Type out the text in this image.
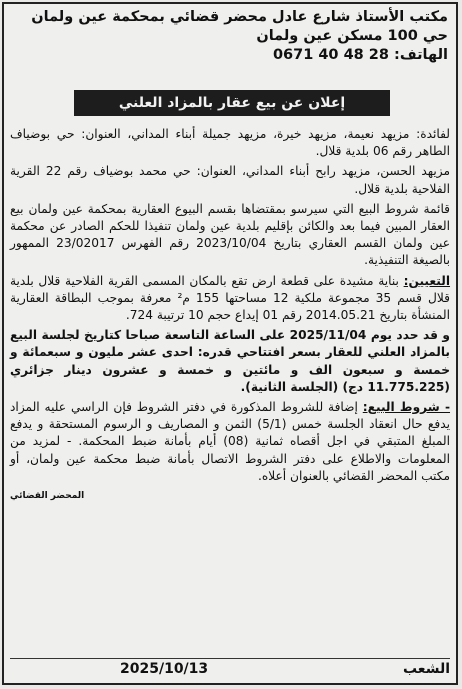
مكتب الأستاذ شارع عادل محضر قضائي بمحكمة عين ولمان
حي 100 مسكن عين ولمان
الهاتف: 0671 40 48 28
إعلان عن بيع عقار بالمزاد العلني

لفائدة: مزيهد نعيمة، مزيهد خيرة، مزيهد جميلة أبناء المداني، العنوان: حي بوضياف الطاهر رقم 06 بلدية قلال.

مزيهد الحسن، مزيهد رابح أبناء المداني، العنوان: حي محمد بوضياف رقم 22 القرية الفلاحية بلدية قلال.

قائمة شروط البيع التي سيرسو بمقتضاها بقسم البيوع العقارية بمحكمة عين ولمان بيع العقار المبين فيما بعد والكائن بإقليم بلدية عين ولمان تنفيذا للحكم الصادر عن محكمة عين ولمان القسم العقاري بتاريخ 2023/10/04 رقم الفهرس 23/02017 الممهور بالصيغة التنفيذية.

التعيين: بناية مشيدة على قطعة ارض تقع بالمكان المسمى القرية الفلاحية قلال بلدية قلال قسم 35 مجموعة ملكية 12 مساحتها 155 م² معرفة بموجب البطاقة العقارية المنشأة بتاريخ 2014.05.21 رقم 01 إيداع حجم 10 ترتيبة 724.

و قد حدد يوم 2025/11/04 على الساعة التاسعة صباحا كتاريخ لجلسة البيع بالمزاد العلني للعقار بسعر افتتاحي قدره: احدى عشر مليون و سبعمائة و خمسة و سبعون الف و مائتين و خمسة و عشرون دينار جزائري (11.775.225 دج) (الجلسة الثانية).

- شروط البيع: إضافة للشروط المذكورة في دفتر الشروط فإن الراسي عليه المزاد يدفع حال انعقاد الجلسة خمس (5/1) الثمن و المصاريف و الرسوم المستحقة و يدفع المبلغ المتبقي في اجل أقصاه ثمانية (08) أيام بأمانة ضبط المحكمة. - لمزيد من المعلومات والاطلاع على دفتر الشروط الاتصال بأمانة ضبط محكمة عين ولمان، أو مكتب المحضر القضائي بالعنوان أعلاه.

المحضر القضائي
الشعب
2025/10/13
